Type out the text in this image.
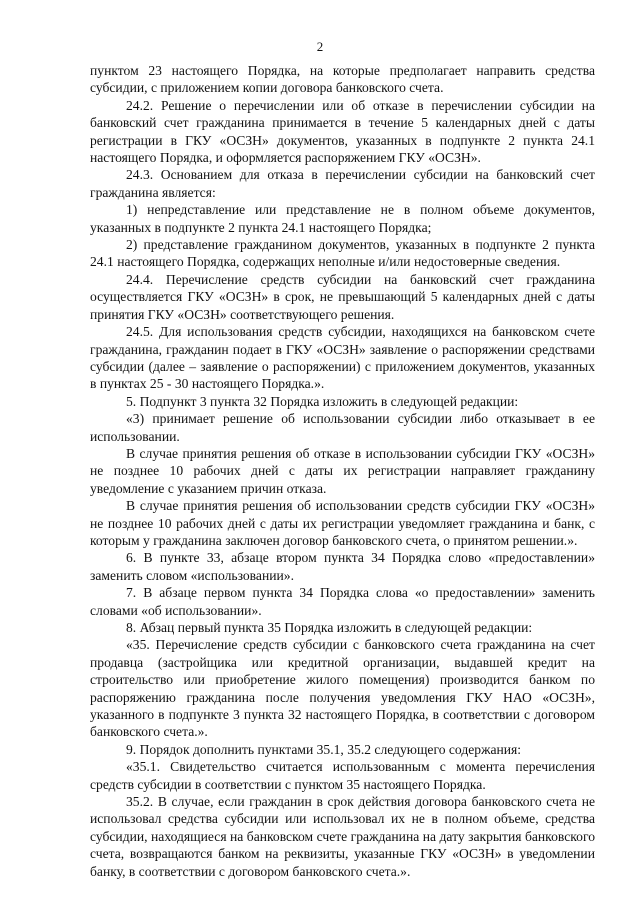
2

пунктом 23 настоящего Порядка, на которые предполагает направить средства субсидии, с приложением копии договора банковского счета.

24.2. Решение о перечислении или об отказе в перечислении субсидии на банковский счет гражданина принимается в течение 5 календарных дней с даты регистрации в ГКУ «ОСЗН» документов, указанных в подпункте 2 пункта 24.1 настоящего Порядка, и оформляется распоряжением ГКУ «ОСЗН».

24.3. Основанием для отказа в перечислении субсидии на банковский счет гражданина является:

1) непредставление или представление не в полном объеме документов, указанных в подпункте 2 пункта 24.1 настоящего Порядка;

2) представление гражданином документов, указанных в подпункте 2 пункта 24.1 настоящего Порядка, содержащих неполные и/или недостоверные сведения.

24.4. Перечисление средств субсидии на банковский счет гражданина осуществляется ГКУ «ОСЗН» в срок, не превышающий 5 календарных дней с даты принятия ГКУ «ОСЗН» соответствующего решения.

24.5. Для использования средств субсидии, находящихся на банковском счете гражданина, гражданин подает в ГКУ «ОСЗН» заявление о распоряжении средствами субсидии (далее – заявление о распоряжении) с приложением документов, указанных в пунктах 25 - 30 настоящего Порядка.».

5. Подпункт 3 пункта 32 Порядка изложить в следующей редакции:

«3) принимает решение об использовании субсидии либо отказывает в ее использовании.

В случае принятия решения об отказе в использовании субсидии ГКУ «ОСЗН» не позднее 10 рабочих дней с даты их регистрации направляет гражданину уведомление с указанием причин отказа.

В случае принятия решения об использовании средств субсидии ГКУ «ОСЗН» не позднее 10 рабочих дней с даты их регистрации уведомляет гражданина и банк, с которым у гражданина заключен договор банковского счета, о принятом решении.».

6. В пункте 33, абзаце втором пункта 34 Порядка слово «предоставлении» заменить словом «использовании».

7. В абзаце первом пункта 34 Порядка слова «о предоставлении» заменить словами «об использовании».

8. Абзац первый пункта 35 Порядка изложить в следующей редакции:

«35. Перечисление средств субсидии с банковского счета гражданина на счет продавца (застройщика или кредитной организации, выдавшей кредит на строительство или приобретение жилого помещения) производится банком по распоряжению гражданина после получения уведомления ГКУ НАО «ОСЗН», указанного в подпункте 3 пункта 32 настоящего Порядка, в соответствии с договором банковского счета.».

9. Порядок дополнить пунктами 35.1, 35.2 следующего содержания:

«35.1. Свидетельство считается использованным с момента перечисления средств субсидии в соответствии с пунктом 35 настоящего Порядка.

35.2. В случае, если гражданин в срок действия договора банковского счета не использовал средства субсидии или использовал их не в полном объеме, средства субсидии, находящиеся на банковском счете гражданина на дату закрытия банковского счета, возвращаются банком на реквизиты, указанные ГКУ «ОСЗН» в уведомлении банку, в соответствии с договором банковского счета.».
